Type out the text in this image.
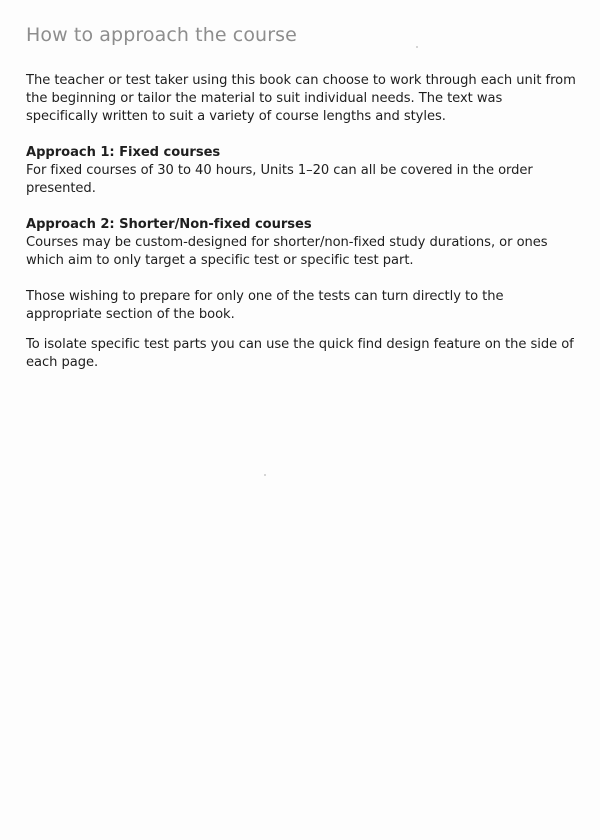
How to approach the course

The teacher or test taker using this book can choose to work through each unit from the beginning or tailor the material to suit individual needs. The text was specifically written to suit a variety of course lengths and styles.

Approach 1: Fixed courses

For fixed courses of 30 to 40 hours, Units 1–20 can all be covered in the order presented.

Approach 2: Shorter/Non-fixed courses

Courses may be custom-designed for shorter/non-fixed study durations, or ones which aim to only target a specific test or specific test part.

Those wishing to prepare for only one of the tests can turn directly to the appropriate section of the book.

To isolate specific test parts you can use the quick find design feature on the side of each page.
